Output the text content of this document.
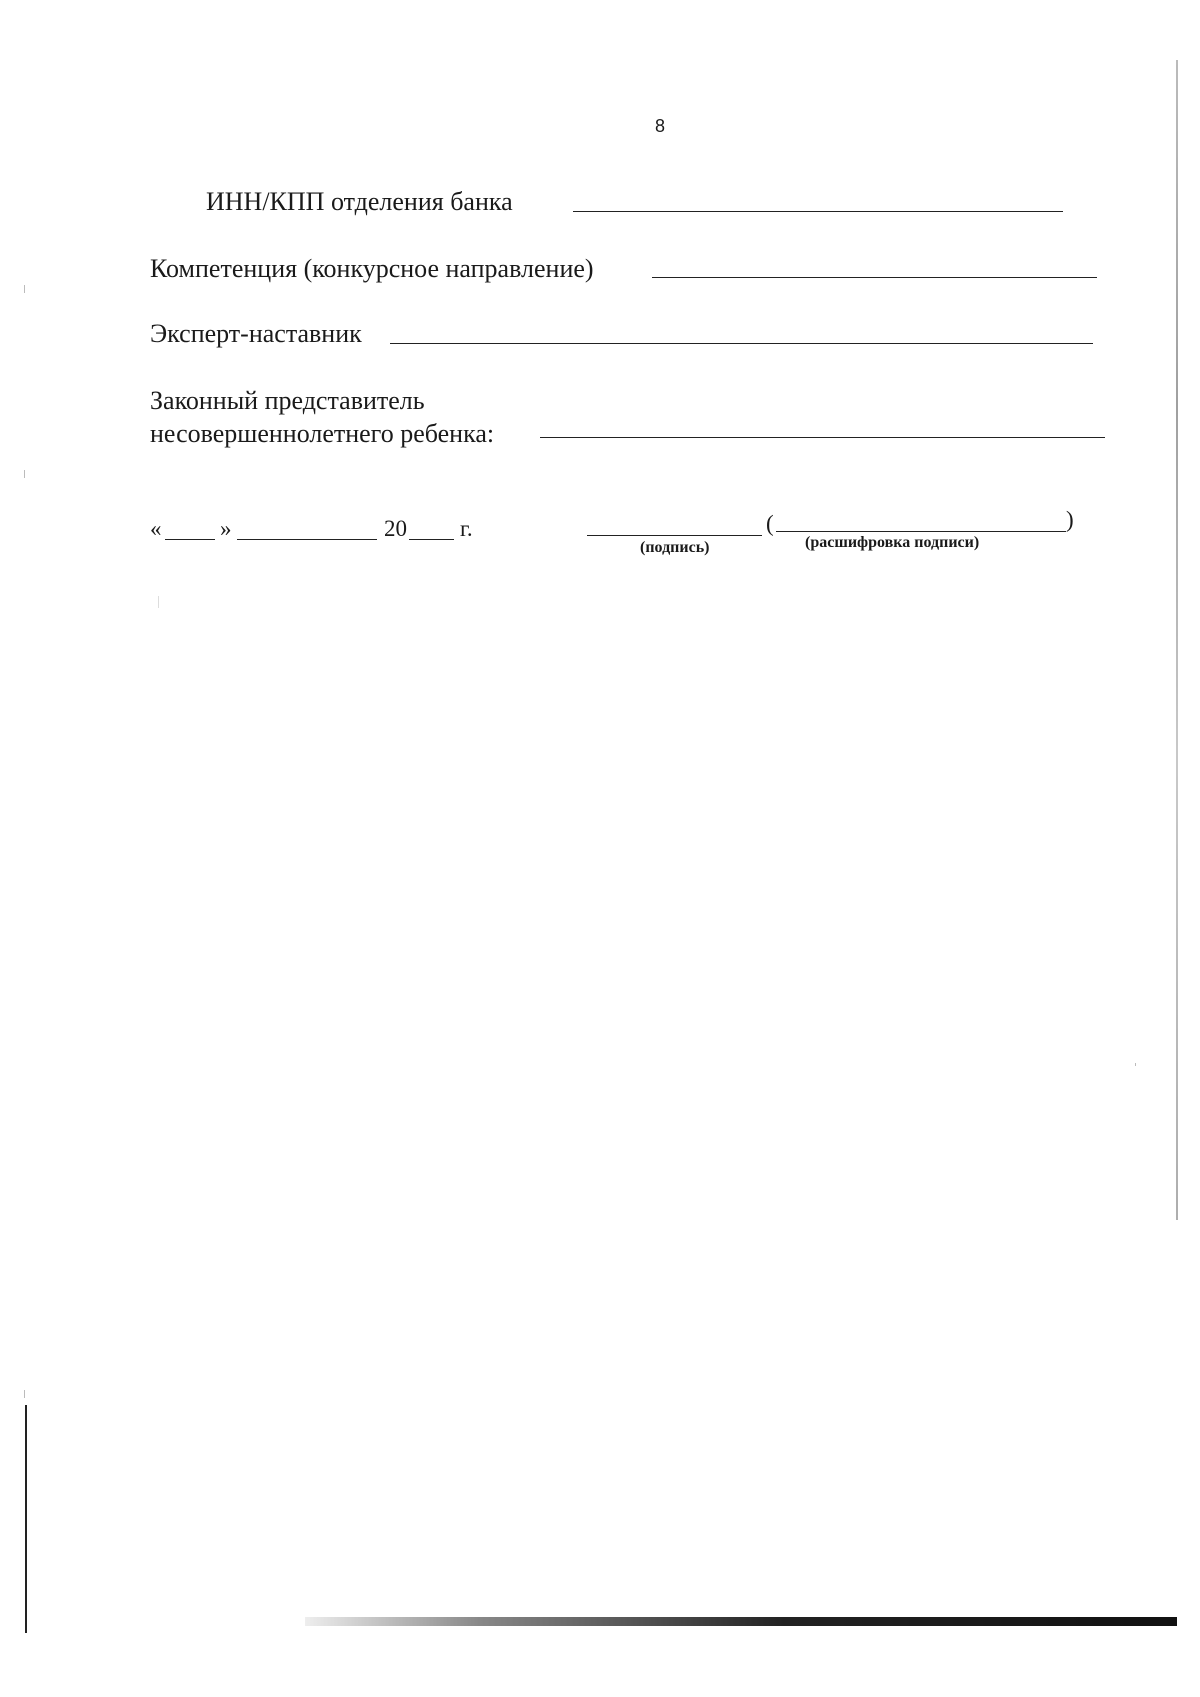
8
ИНН/КПП отделения банка
Компетенция (конкурсное направление)
Эксперт-наставник
Законный представитель
несовершеннолетнего ребенка:
«	»	20 г.	(	)
(подпись)	(расшифровка подписи)
